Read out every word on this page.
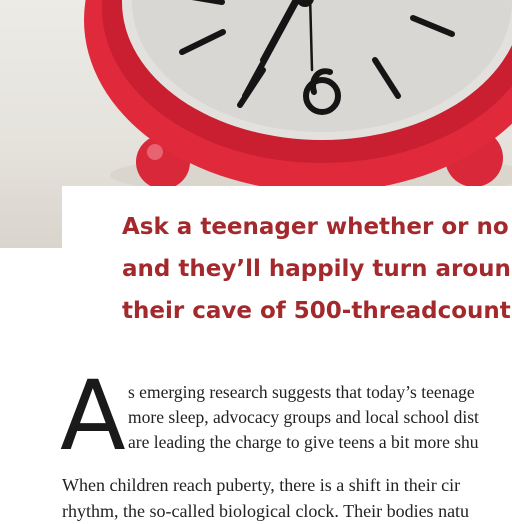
Ask a teenager whether or no
and they’ll happily turn aroun
their cave of 500-threadcount

A s emerging research suggests that today’s teenage
more sleep, advocacy groups and local school dist
are leading the charge to give teens a bit more shu

When children reach puberty, there is a shift in their cir
rhythm, the so-called biological clock. Their bodies natu
